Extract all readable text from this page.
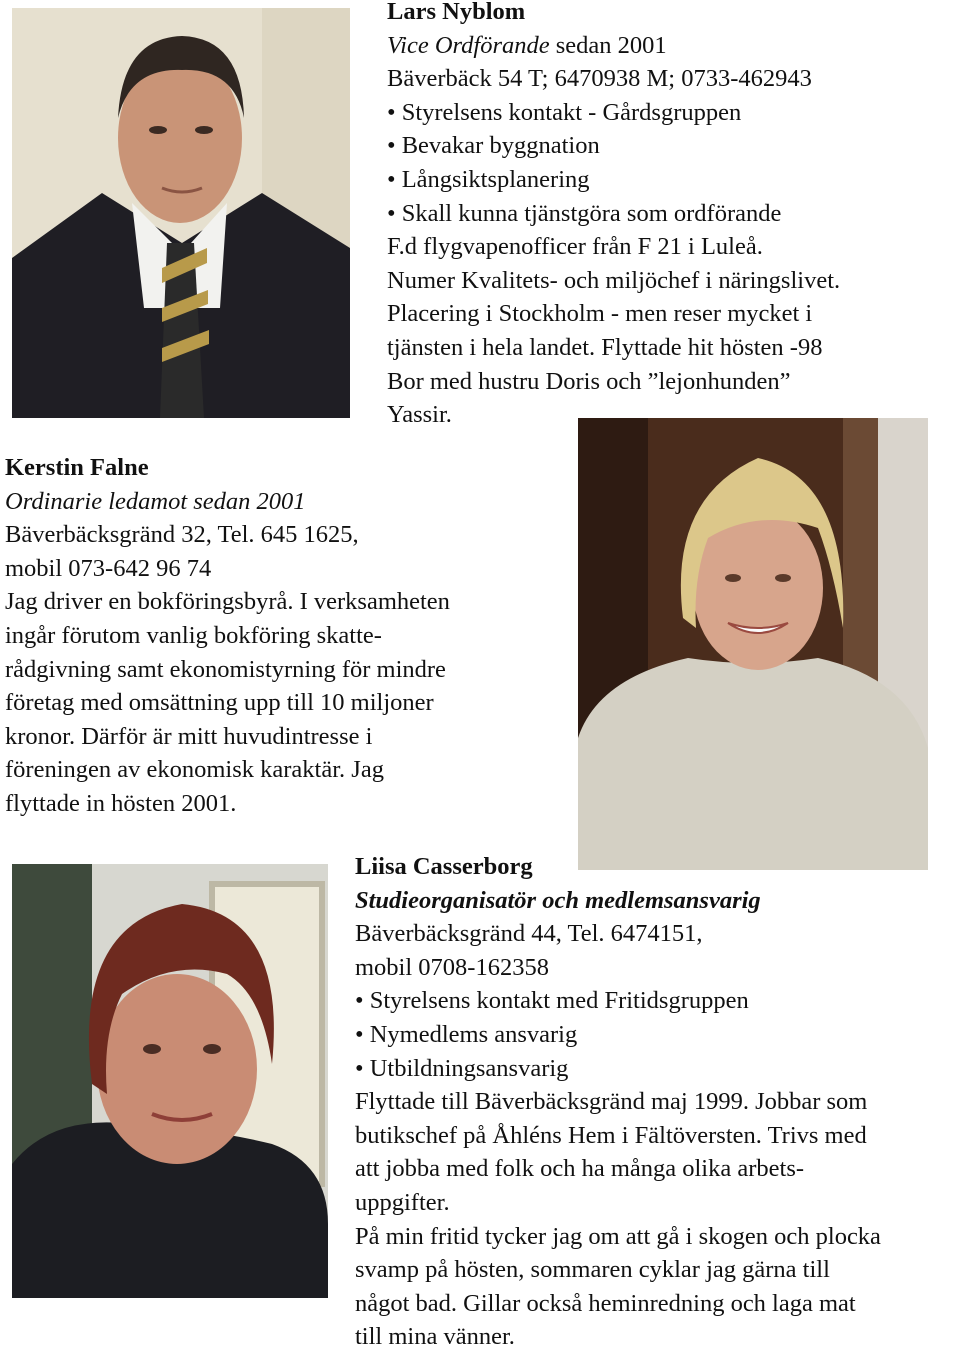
Lars Nyblom
Vice Ordförande sedan 2001
Bäverbäck 54 T; 6470938 M; 0733-462943
• Styrelsens kontakt - Gårdsgruppen
• Bevakar byggnation
• Långsiktsplanering
• Skall kunna tjänstgöra som ordförande
F.d flygvapenofficer från F 21 i Luleå.
Numer Kvalitets- och miljöchef i näringslivet.
Placering i Stockholm - men reser mycket i
tjänsten i hela landet. Flyttade hit hösten -98
Bor med hustru Doris och ”lejonhunden”
Yassir.
Kerstin Falne
Ordinarie ledamot sedan 2001
Bäverbäcksgränd 32, Tel. 645 1625,
mobil 073-642 96 74
Jag driver en bokföringsbyrå. I verksamheten
ingår förutom vanlig bokföring skatte-
rådgivning samt ekonomistyrning för mindre
företag med omsättning upp till 10 miljoner
kronor. Därför är mitt huvudintresse i
föreningen av ekonomisk karaktär. Jag
flyttade in hösten 2001.
Liisa Casserborg
Studieorganisatör och medlemsansvarig
Bäverbäcksgränd 44, Tel. 6474151,
mobil 0708-162358
• Styrelsens kontakt med Fritidsgruppen
• Nymedlems ansvarig
• Utbildningsansvarig
Flyttade till Bäverbäcksgränd maj 1999. Jobbar som
butikschef på Åhléns Hem i Fältöversten. Trivs med
att jobba med folk och ha många olika arbets-
uppgifter.
På min fritid tycker jag om att gå i skogen och plocka
svamp på hösten, sommaren cyklar jag gärna till
något bad. Gillar också heminredning och laga mat
till mina vänner.
